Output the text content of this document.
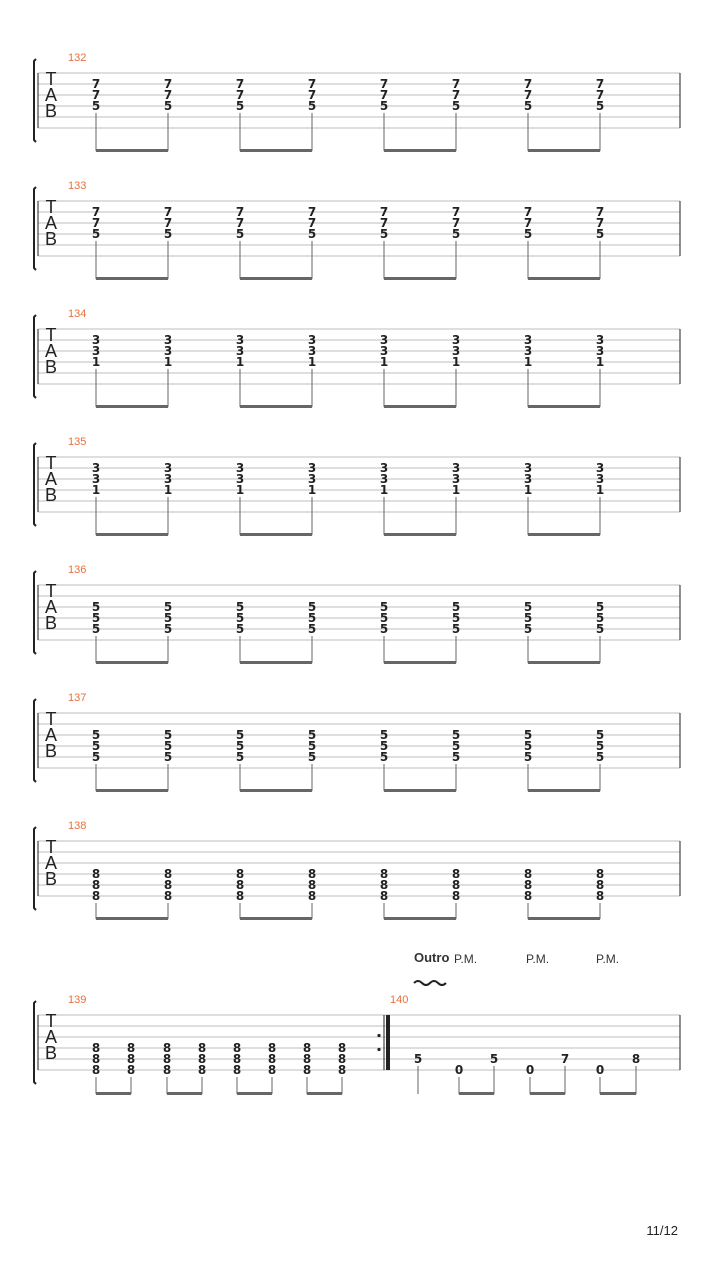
T
A
B
132
7
7
5
7
7
5
7
7
5
7
7
5
7
7
5
7
7
5
7
7
5
7
7
5
T
A
B
133
7
7
5
7
7
5
7
7
5
7
7
5
7
7
5
7
7
5
7
7
5
7
7
5
T
A
B
134
3
3
1
3
3
1
3
3
1
3
3
1
3
3
1
3
3
1
3
3
1
3
3
1
T
A
B
135
3
3
1
3
3
1
3
3
1
3
3
1
3
3
1
3
3
1
3
3
1
3
3
1
T
A
B
136
5
5
5
5
5
5
5
5
5
5
5
5
5
5
5
5
5
5
5
5
5
5
5
5
T
A
B
137
5
5
5
5
5
5
5
5
5
5
5
5
5
5
5
5
5
5
5
5
5
5
5
5
T
A
B
138
8
8
8
8
8
8
8
8
8
8
8
8
8
8
8
8
8
8
8
8
8
8
8
8
T
A
B
139
8
8
8
8
8
8
8
8
8
8
8
8
8
8
8
8
8
8
8
8
8
8
8
8
140
5
0
5
0
7
0
8
Outro P.M.	P.M.	P.M.
11/12
